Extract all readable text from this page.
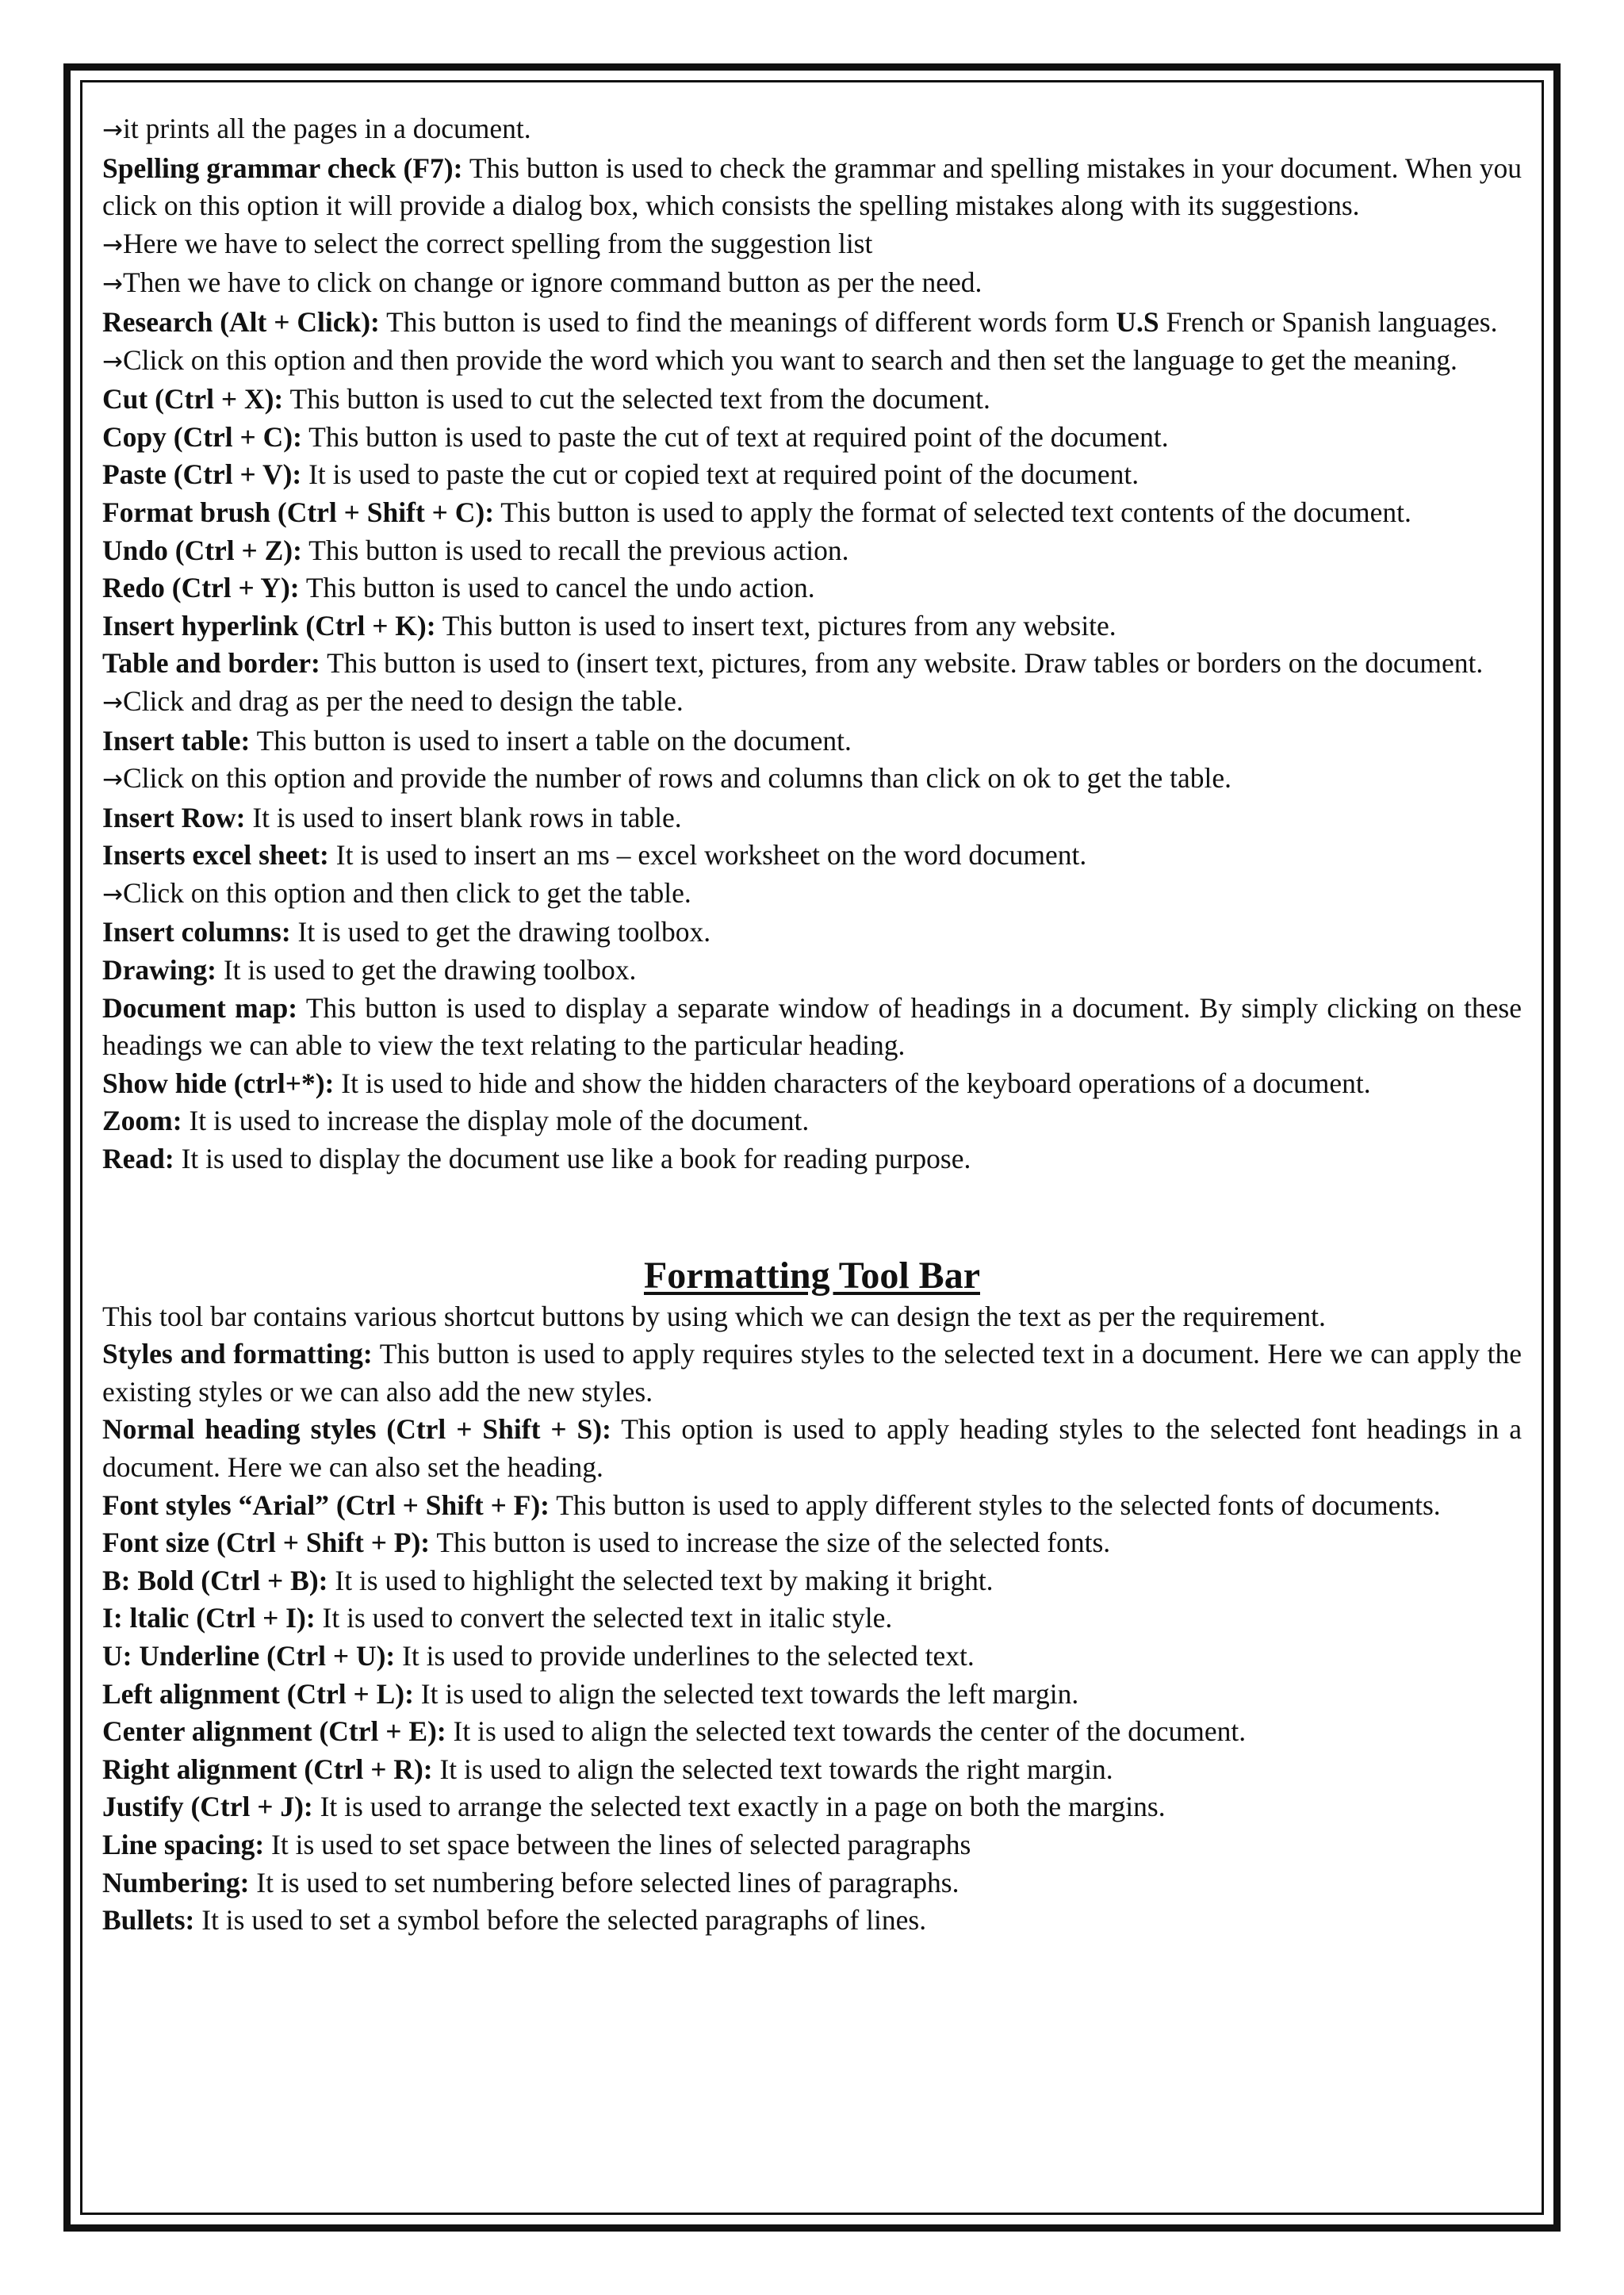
→it prints all the pages in a document.

Spelling grammar check (F7): This button is used to check the grammar and spelling mistakes in your document. When you click on this option it will provide a dialog box, which consists the spelling mistakes along with its suggestions.

→Here we have to select the correct spelling from the suggestion list

→Then we have to click on change or ignore command button as per the need.

Research (Alt + Click): This button is used to find the meanings of different words form U.S French or Spanish languages.

→Click on this option and then provide the word which you want to search and then set the language to get the meaning.

Cut (Ctrl + X): This button is used to cut the selected text from the document.

Copy (Ctrl + C): This button is used to paste the cut of text at required point of the document.

Paste (Ctrl + V): It is used to paste the cut or copied text at required point of the document.

Format brush (Ctrl + Shift + C): This button is used to apply the format of selected text contents of the document.

Undo (Ctrl + Z): This button is used to recall the previous action.

Redo (Ctrl + Y): This button is used to cancel the undo action.

Insert hyperlink (Ctrl + K): This button is used to insert text, pictures from any website.

Table and border: This button is used to (insert text, pictures, from any website. Draw tables or borders on the document.

→Click and drag as per the need to design the table.

Insert table: This button is used to insert a table on the document.

→Click on this option and provide the number of rows and columns than click on ok to get the table.

Insert Row: It is used to insert blank rows in table.

Inserts excel sheet: It is used to insert an ms – excel worksheet on the word document.

→Click on this option and then click to get the table.

Insert columns: It is used to get the drawing toolbox.

Drawing: It is used to get the drawing toolbox.

Document map: This button is used to display a separate window of headings in a document. By simply clicking on these headings we can able to view the text relating to the particular heading.

Show hide (ctrl+*): It is used to hide and show the hidden characters of the keyboard operations of a document.

Zoom: It is used to increase the display mole of the document.

Read: It is used to display the document use like a book for reading purpose.

Formatting Tool Bar

This tool bar contains various shortcut buttons by using which we can design the text as per the requirement.

Styles and formatting: This button is used to apply requires styles to the selected text in a document. Here we can apply the existing styles or we can also add the new styles.

Normal heading styles (Ctrl + Shift + S): This option is used to apply heading styles to the selected font headings in a document. Here we can also set the heading.

Font styles “Arial” (Ctrl + Shift + F): This button is used to apply different styles to the selected fonts of documents.

Font size (Ctrl + Shift + P): This button is used to increase the size of the selected fonts.

B: Bold (Ctrl + B): It is used to highlight the selected text by making it bright.

I: ltalic (Ctrl + I): It is used to convert the selected text in italic style.

U: Underline (Ctrl + U): It is used to provide underlines to the selected text.

Left alignment (Ctrl + L): It is used to align the selected text towards the left margin.

Center alignment (Ctrl + E): It is used to align the selected text towards the center of the document.

Right alignment (Ctrl + R): It is used to align the selected text towards the right margin.

Justify (Ctrl + J): It is used to arrange the selected text exactly in a page on both the margins.

Line spacing: It is used to set space between the lines of selected paragraphs

Numbering: It is used to set numbering before selected lines of paragraphs.

Bullets: It is used to set a symbol before the selected paragraphs of lines.
